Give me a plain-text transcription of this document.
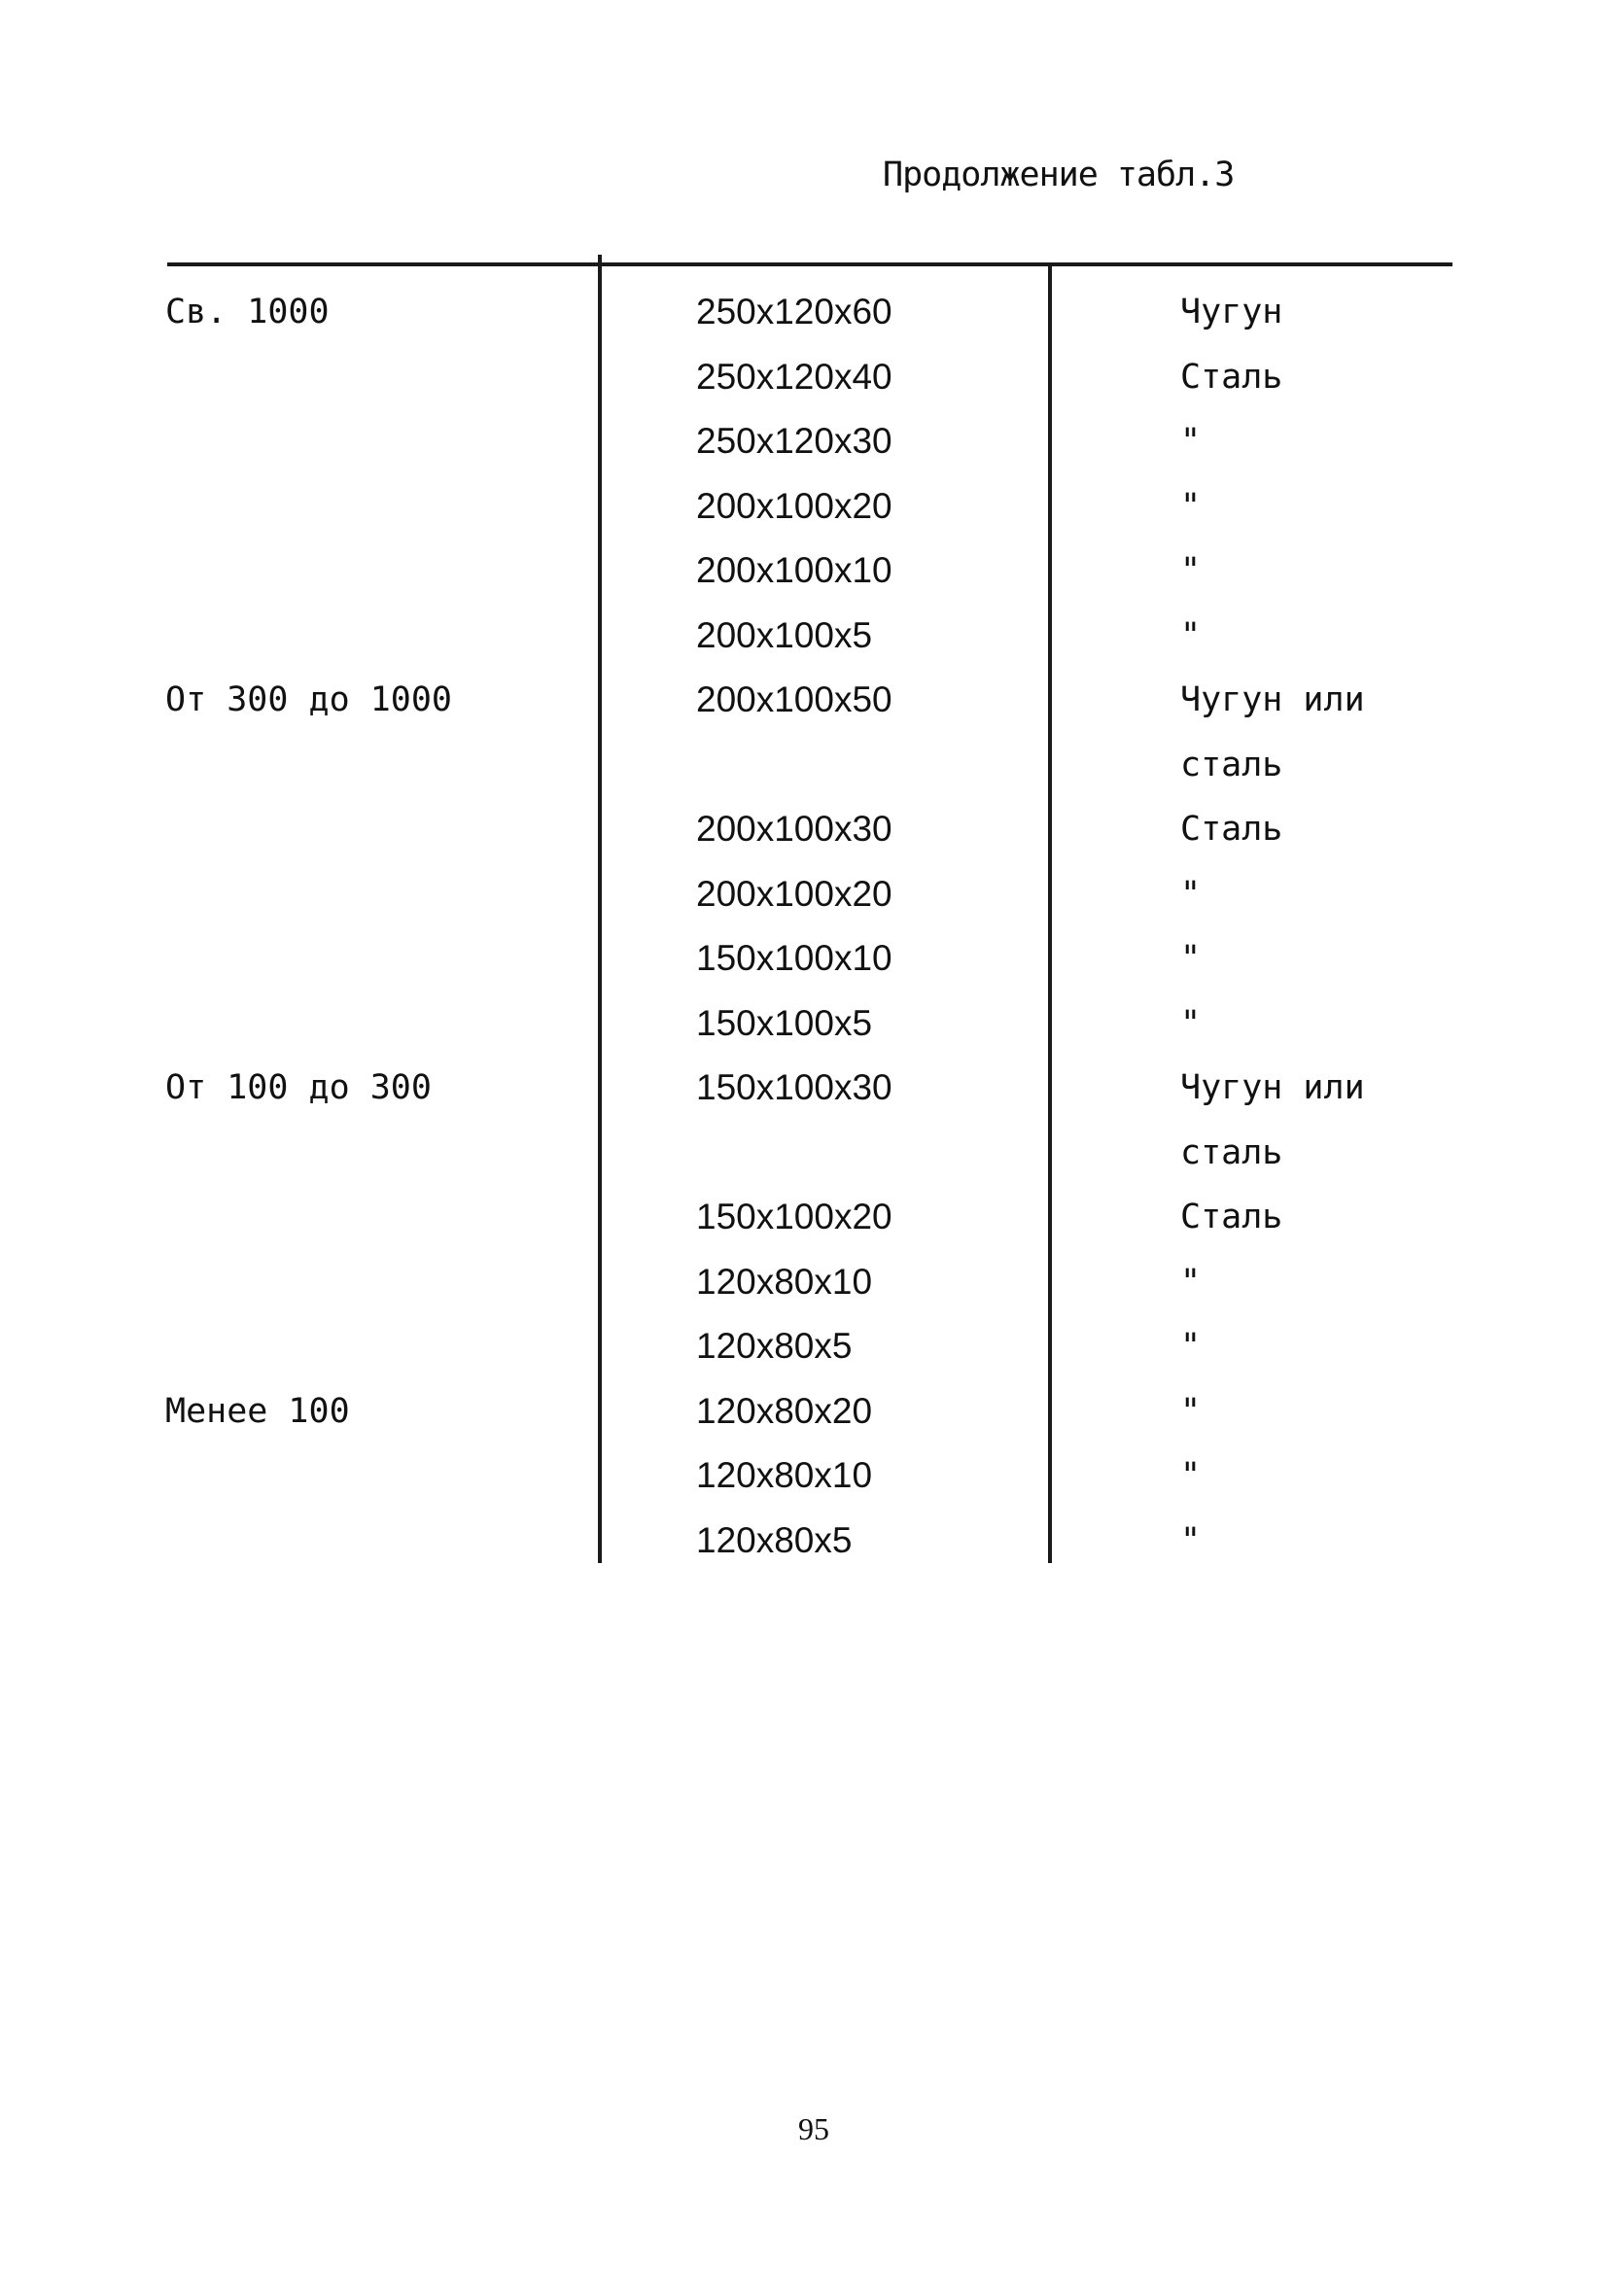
Продолжение табл.3
Св. 1000	250x120x60	Чугун
250x120x40	Сталь
250x120x30	"
200x100x20	"
200x100x10	"
200x100x5	"
От 300 до 1000	200x100x50	Чугун или
сталь
200x100x30	Сталь
200x100x20	"
150x100x10	"
150x100x5	"
От 100 до 300	150x100x30	Чугун или
сталь
150x100x20	Сталь
120x80x10	"
120x80x5	"
Менее 100	120x80x20	"
120x80x10	"
120x80x5	"
95
